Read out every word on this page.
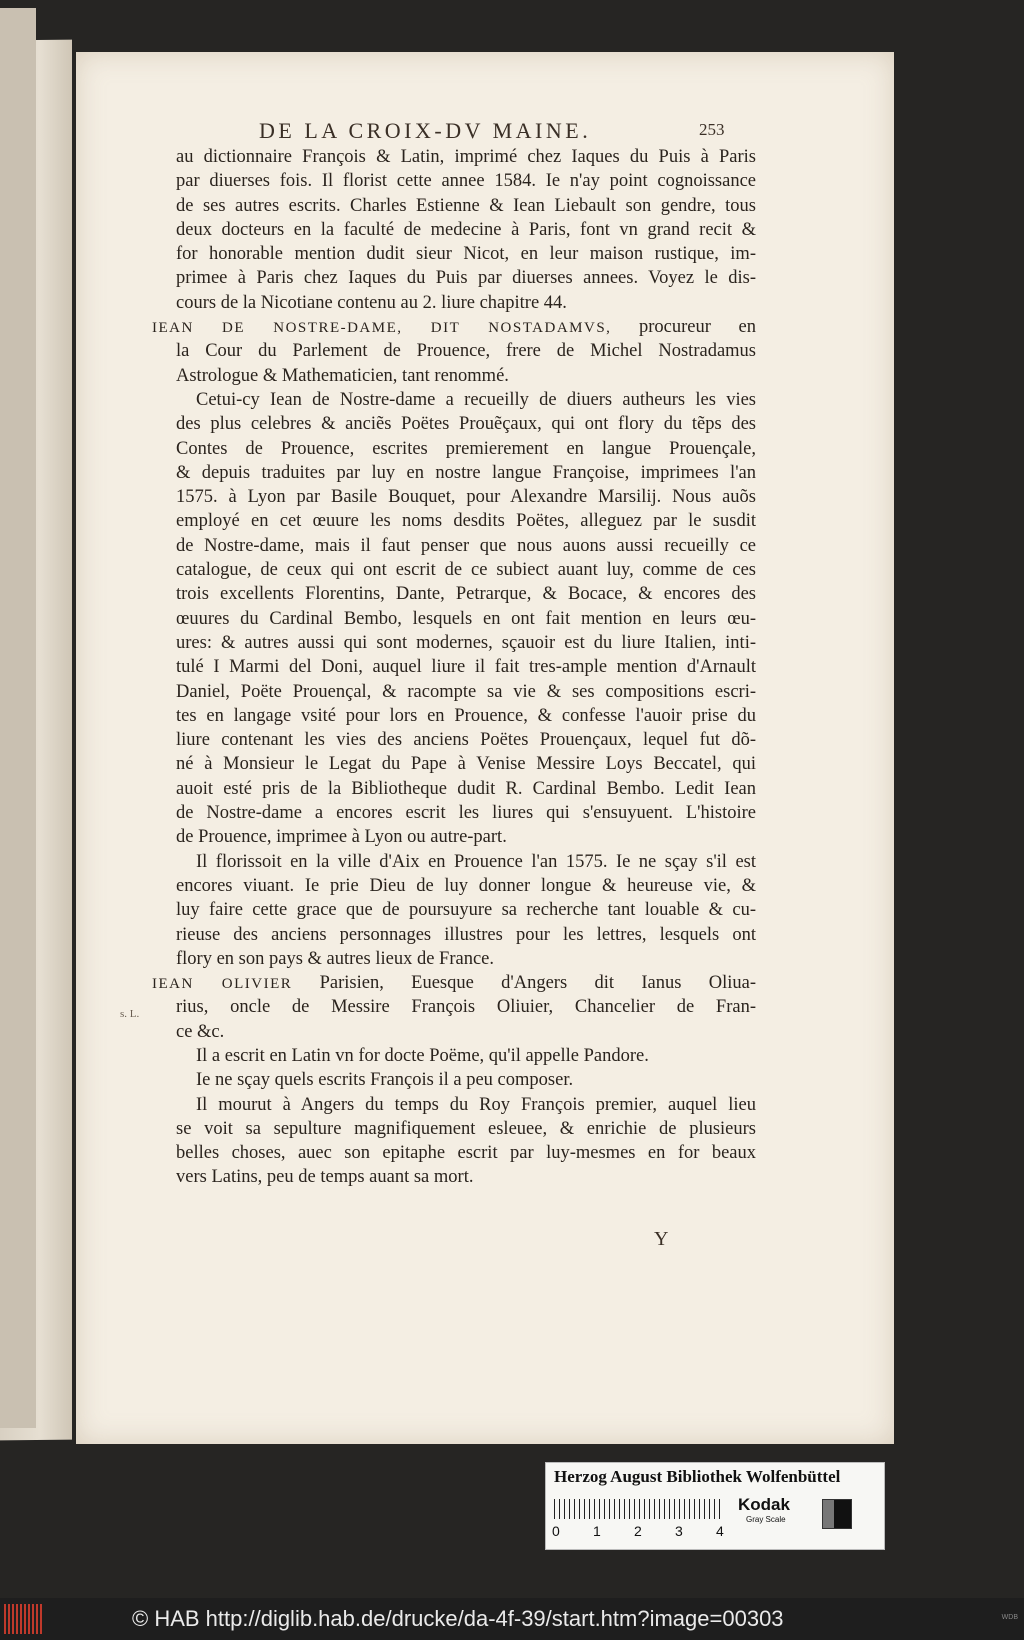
DE LA CROIX-DV MAINE.	253
au dictionnaire François & Latin, imprimé chez Iaques du Puis à Paris
par diuerses fois. Il florist cette annee 1584. Ie n'ay point cognoissance
de ses autres escrits. Charles Estienne & Iean Liebault son gendre, tous
deux docteurs en la faculté de medecine à Paris, font vn grand recit &
for honorable mention dudit sieur Nicot, en leur maison rustique, im-
primee à Paris chez Iaques du Puis par diuerses annees. Voyez le dis-
cours de la Nicotiane contenu au 2. liure chapitre 44.
IEAN DE NOSTRE-DAME, DIT NOSTADAMVS, procureur en
la Cour du Parlement de Prouence, frere de Michel Nostradamus
Astrologue & Mathematicien, tant renommé.
Cetui-cy Iean de Nostre-dame a recueilly de diuers autheurs les vies
des plus celebres & anciẽs Poëtes Prouẽçaux, qui ont flory du tẽps des
Contes de Prouence, escrites premierement en langue Prouençale,
& depuis traduites par luy en nostre langue Françoise, imprimees l'an
1575. à Lyon par Basile Bouquet, pour Alexandre Marsilij. Nous auõs
employé en cet œuure les noms desdits Poëtes, alleguez par le susdit
de Nostre-dame, mais il faut penser que nous auons aussi recueilly ce
catalogue, de ceux qui ont escrit de ce subiect auant luy, comme de ces
trois excellents Florentins, Dante, Petrarque, & Bocace, & encores des
œuures du Cardinal Bembo, lesquels en ont fait mention en leurs œu-
ures: & autres aussi qui sont modernes, sçauoir est du liure Italien, inti-
tulé I Marmi del Doni, auquel liure il fait tres-ample mention d'Arnault
Daniel, Poëte Prouençal, & racompte sa vie & ses compositions escri-
tes en langage vsité pour lors en Prouence, & confesse l'auoir prise du
liure contenant les vies des anciens Poëtes Prouençaux, lequel fut dõ-
né à Monsieur le Legat du Pape à Venise Messire Loys Beccatel, qui
auoit esté pris de la Bibliotheque dudit R. Cardinal Bembo. Ledit Iean
de Nostre-dame a encores escrit les liures qui s'ensuyuent. L'histoire
de Prouence, imprimee à Lyon ou autre-part.
Il florissoit en la ville d'Aix en Prouence l'an 1575. Ie ne sçay s'il est
encores viuant. Ie prie Dieu de luy donner longue & heureuse vie, &
luy faire cette grace que de poursuyure sa recherche tant louable & cu-
rieuse des anciens personnages illustres pour les lettres, lesquels ont
flory en son pays & autres lieux de France.
IEAN OLIVIER Parisien, Euesque d'Angers dit Ianus Oliua-
rius, oncle de Messire François Oliuier, Chancelier de Fran-
ce &c.
Il a escrit en Latin vn for docte Poëme, qu'il appelle Pandore.
Ie ne sçay quels escrits François il a peu composer.
Il mourut à Angers du temps du Roy François premier, auquel lieu
se voit sa sepulture magnifiquement esleuee, & enrichie de plusieurs
belles choses, auec son epitaphe escrit par luy-mesmes en for beaux
vers Latins, peu de temps auant sa mort.
s. L.
Y
Herzog August Bibliothek Wolfenbüttel
0 1 2 3 4
Kodak
Gray Scale
© HAB http://diglib.hab.de/drucke/da-4f-39/start.htm?image=00303	WDB
